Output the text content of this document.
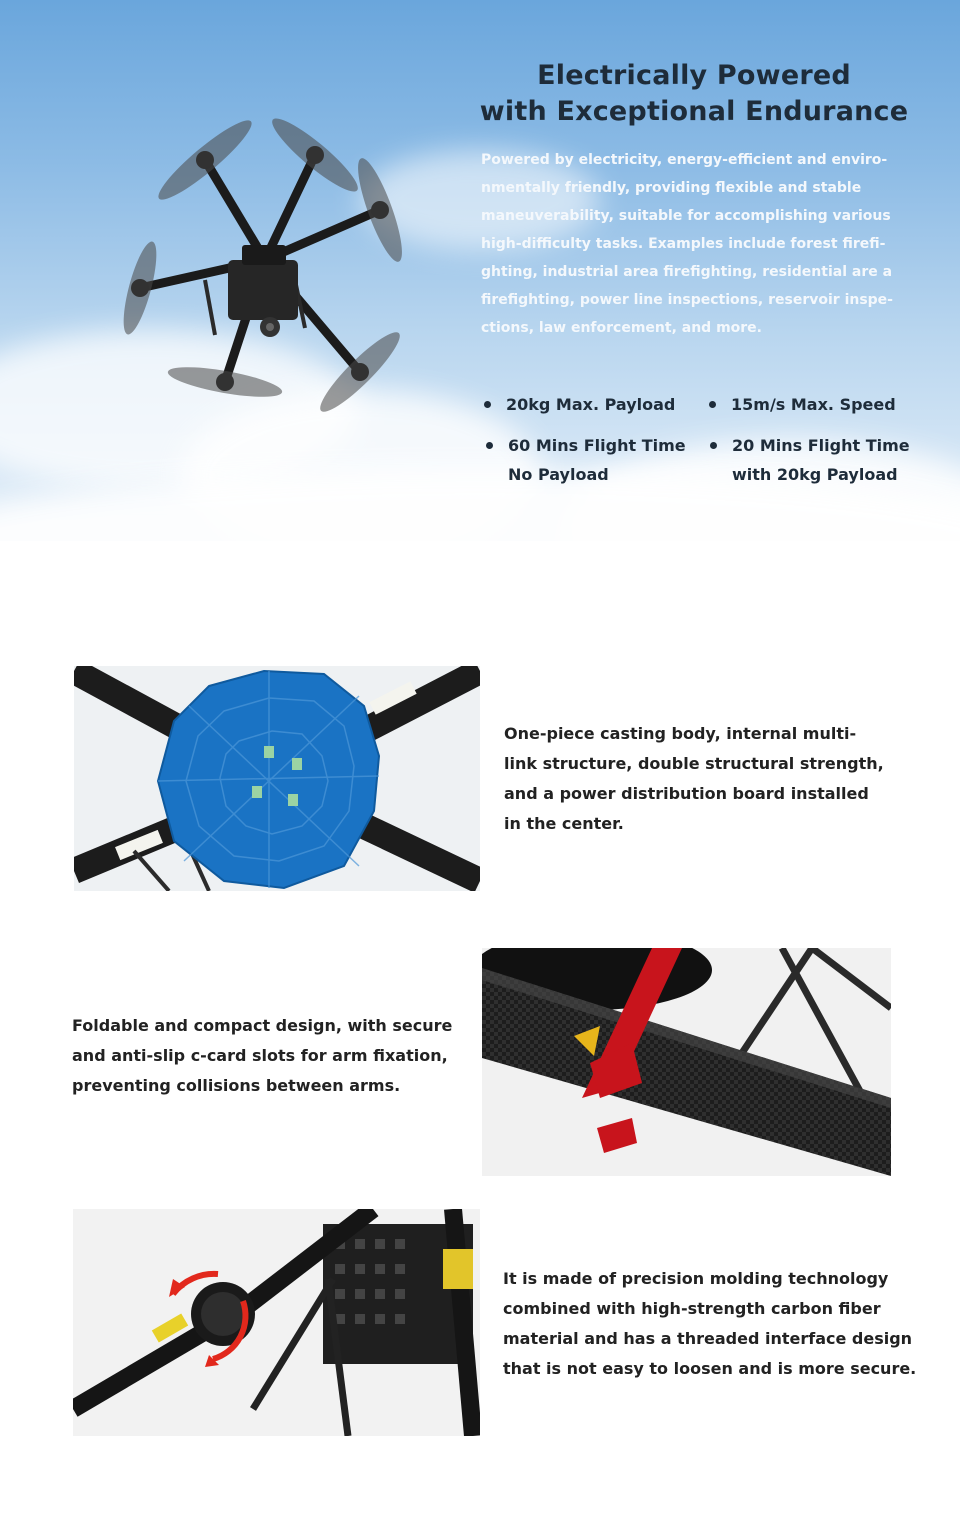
Electrically Powered
with Exceptional Endurance
Powered by electricity, energy-efficient and enviro-
nmentally friendly, providing flexible and stable
maneuverability, suitable for accomplishing various
high-difficulty tasks. Examples include forest firefi-
ghting, industrial area firefighting, residential are a
firefighting, power line inspections, reservoir inspe-
ctions, law enforcement, and more.
20kg Max. Payload	15m/s Max. Speed
60 Mins Flight Time
No Payload
20 Mins Flight Time
with 20kg Payload
One-piece casting body, internal multi-
link structure, double structural strength,
and a power distribution board installed
in the center.
Foldable and compact design, with secure
and anti-slip c-card slots for arm fixation,
preventing collisions between arms.
It is made of precision molding technology
combined with high-strength carbon fiber
material and has a threaded interface design
that is not easy to loosen and is more secure.
